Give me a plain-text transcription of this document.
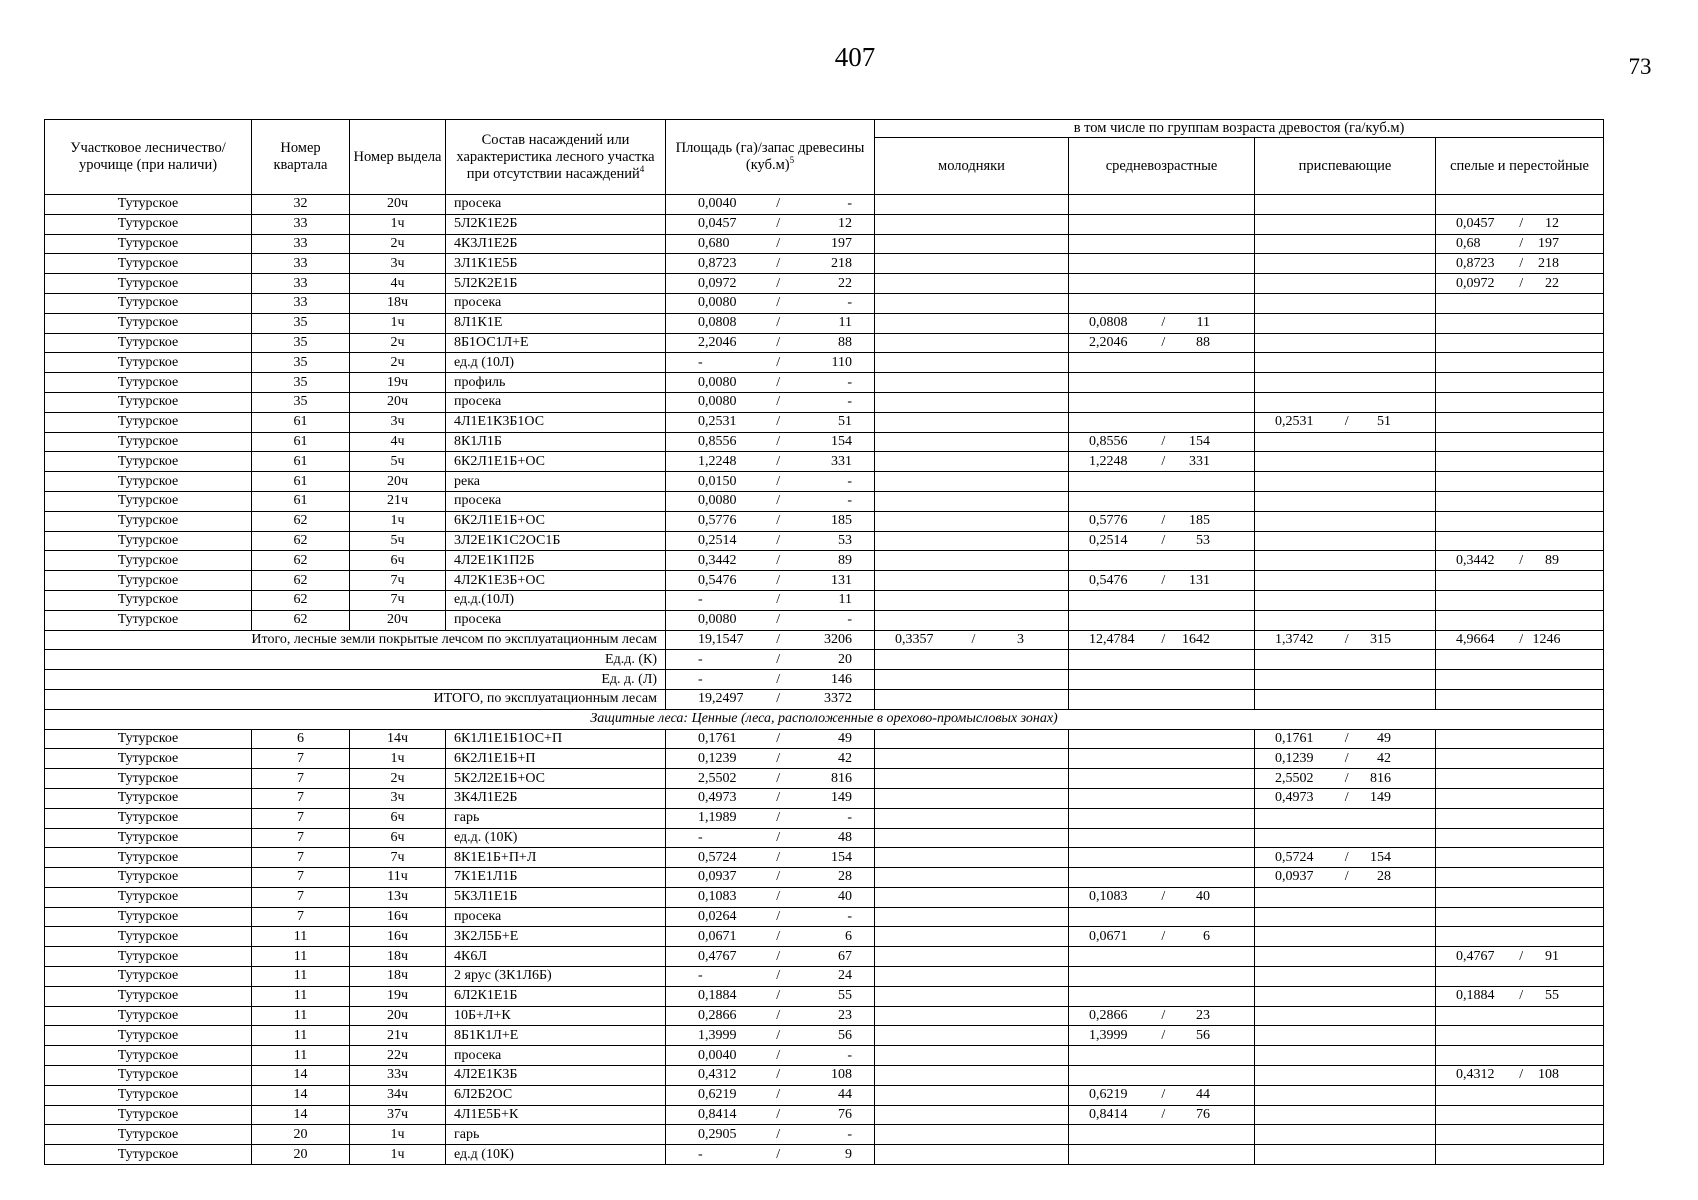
407	73
Участковое лесничество/ урочище (при наличи)	Номер квартала	Номер выдела	Состав насаждений или характеристика лесного участка при отсутствии насаждений$^4$	Площадь (га)/запас древесины $(куб.м)^5$	в том числе по группам возраста древостоя (га/куб.м)			
					молодняки	средневозрастные	приспевающие	спелые и перестойные
Тутурское	32	20ч	просека	0,0040 / -				

Тутурское	33	1ч	5Л2К1Е2Б	0,0457 / 12				0,0457 / 12

Тутурское	33	2ч	4К3Л1Е2Б	0,680 / 197				0,68 / 197

Тутурское	33	3ч	3Л1К1Е5Б	0,8723 / 218				0,8723 / 218

Тутурское	33	4ч	5Л2К2Е1Б	0,0972 / 22				0,0972 / 22

Тутурское	33	18ч	просека	0,0080 / -				

Тутурское	35	1ч	8Л1К1Е	0,0808 / 11		0,0808 / 11		

Тутурское	35	2ч	8Б1ОС1Л+Е	2,2046 / 88		2,2046 / 88		

Тутурское	35	2ч	ед.д (10Л)	- / 110				

Тутурское	35	19ч	профиль	0,0080 / -				

Тутурское	35	20ч	просека	0,0080 / -				

Тутурское	61	3ч	4Л1Е1К3Б1ОС	0,2531 / 51			0,2531 / 51	

Тутурское	61	4ч	8К1Л1Б	0,8556 / 154		0,8556 / 154		

Тутурское	61	5ч	6К2Л1Е1Б+ОС	1,2248 / 331		1,2248 / 331		

Тутурское	61	20ч	река	0,0150 / -				

Тутурское	61	21ч	просека	0,0080 / -				

Тутурское	62	1ч	6К2Л1Е1Б+ОС	0,5776 / 185		0,5776 / 185		

Тутурское	62	5ч	3Л2Е1К1С2ОС1Б	0,2514 / 53		0,2514 / 53		

Тутурское	62	6ч	4Л2Е1К1П2Б	0,3442 / 89				0,3442 / 89

Тутурское	62	7ч	4Л2К1Е3Б+ОС	0,5476 / 131		0,5476 / 131		

Тутурское	62	7ч	ед.д.(10Л)	- / 11				

Тутурское	62	20ч	просека	0,0080 / -				

Итого, лесные земли покрытые лечсом по эксплуатационным лесам				19,1547 / 3206	0,3357 / 3	12,4784 / 1642	1,3742 / 315	4,9664 / 1246

Ед.д. (К)				- / 20				

Ед. д. (Л)				- / 146				

ИТОГО, по эксплуатационным лесам				19,2497 / 3372				

Защитные леса: Ценные (леса, расположенные в орехово-промысловых зонах)								
Тутурское	6	14ч	6К1Л1Е1Б1ОС+П	0,1761 / 49			0,1761 / 49	

Тутурское	7	1ч	6К2Л1Е1Б+П	0,1239 / 42			0,1239 / 42	

Тутурское	7	2ч	5К2Л2Е1Б+ОС	2,5502 / 816			2,5502 / 816	

Тутурское	7	3ч	3К4Л1Е2Б	0,4973 / 149			0,4973 / 149	

Тутурское	7	6ч	гарь	1,1989 / -				

Тутурское	7	6ч	ед.д. (10К)	- / 48				

Тутурское	7	7ч	8К1Е1Б+П+Л	0,5724 / 154			0,5724 / 154	

Тутурское	7	11ч	7К1Е1Л1Б	0,0937 / 28			0,0937 / 28	

Тутурское	7	13ч	5К3Л1Е1Б	0,1083 / 40		0,1083 / 40		

Тутурское	7	16ч	просека	0,0264 / -				

Тутурское	11	16ч	3К2Л5Б+Е	0,0671 / 6		0,0671 / 6		

Тутурское	11	18ч	4К6Л	0,4767 / 67				0,4767 / 91

Тутурское	11	18ч	2 ярус (3К1Л6Б)	- / 24				

Тутурское	11	19ч	6Л2К1Е1Б	0,1884 / 55				0,1884 / 55

Тутурское	11	20ч	10Б+Л+К	0,2866 / 23		0,2866 / 23		

Тутурское	11	21ч	8Б1К1Л+Е	1,3999 / 56		1,3999 / 56		

Тутурское	11	22ч	просека	0,0040 / -				

Тутурское	14	33ч	4Л2Е1К3Б	0,4312 / 108				0,4312 / 108

Тутурское	14	34ч	6Л2Б2ОС	0,6219 / 44		0,6219 / 44		

Тутурское	14	37ч	4Л1Е5Б+К	0,8414 / 76		0,8414 / 76		

Тутурское	20	1ч	гарь	0,2905 / -				

Тутурское	20	1ч	ед.д (10К)	- / 9				
